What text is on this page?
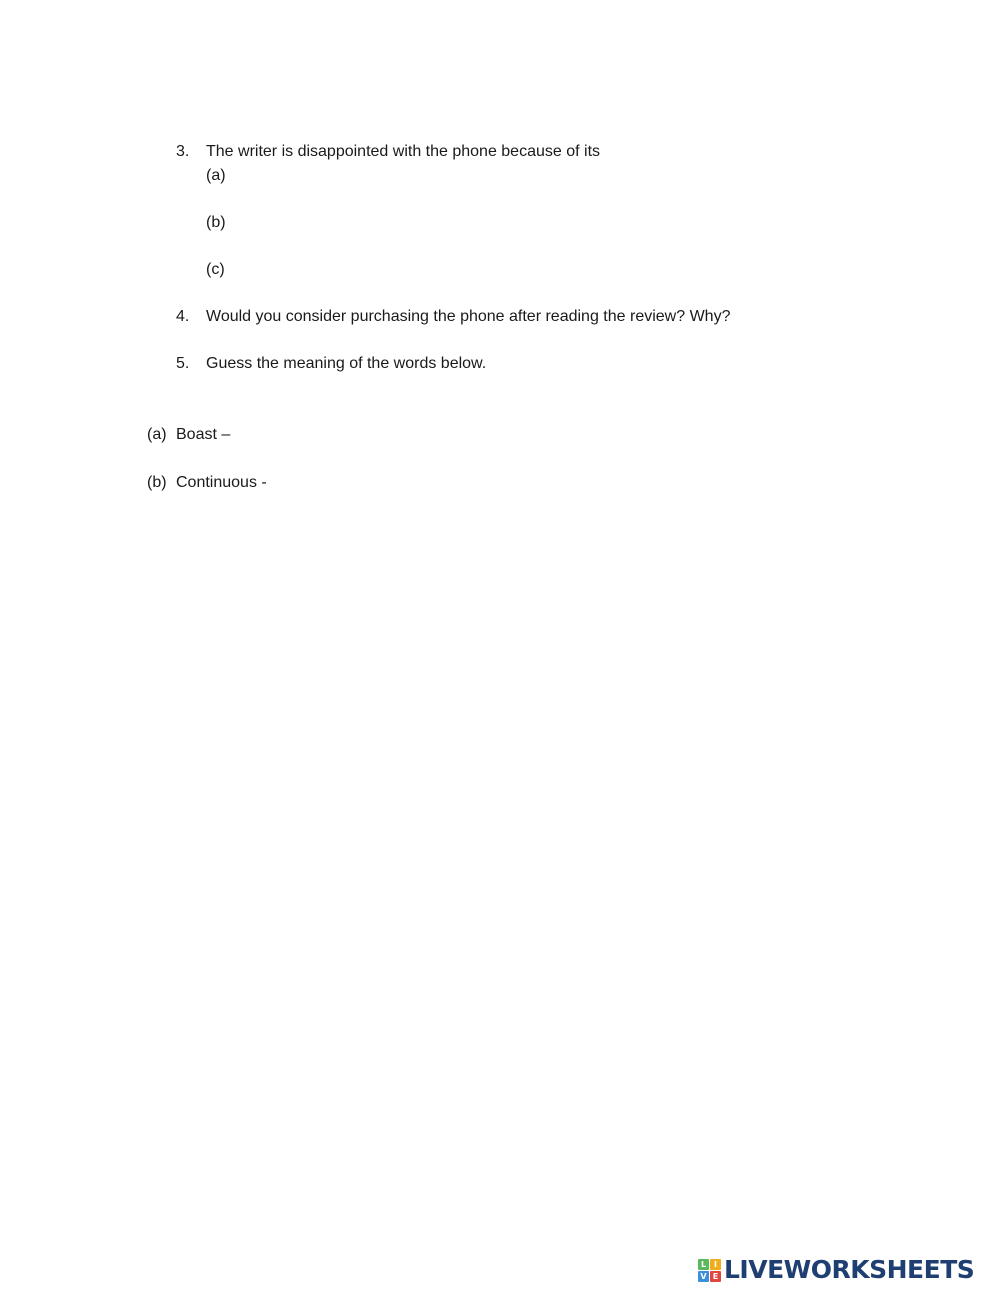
3. The writer is disappointed with the phone because of its
(a)
(b)
(c)
4. Would you consider purchasing the phone after reading the review? Why?
5. Guess the meaning of the words below.
(a) Boast –
(b) Continuous -
L I
V E LIVEWORKSHEETS
